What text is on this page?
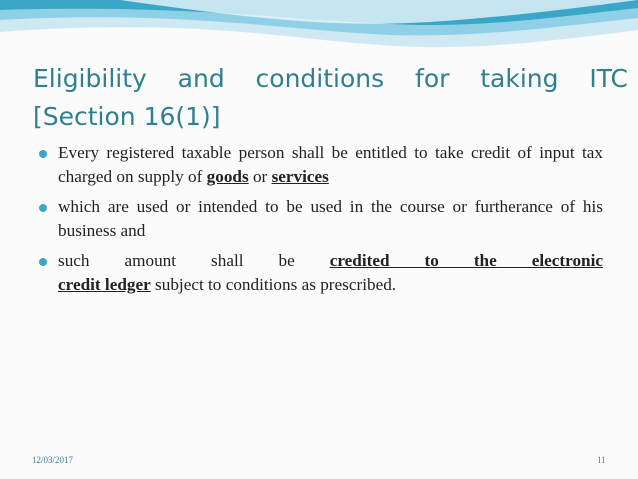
Eligibility and conditions for taking ITC
[Section 16(1)]
Every registered taxable person shall be entitled to take credit of input tax charged on supply of goods or services
which are used or intended to be used in the course or furtherance of his business and
such amount shall be credited to the electronic
credit ledger subject to conditions as prescribed.
12/03/2017	11
